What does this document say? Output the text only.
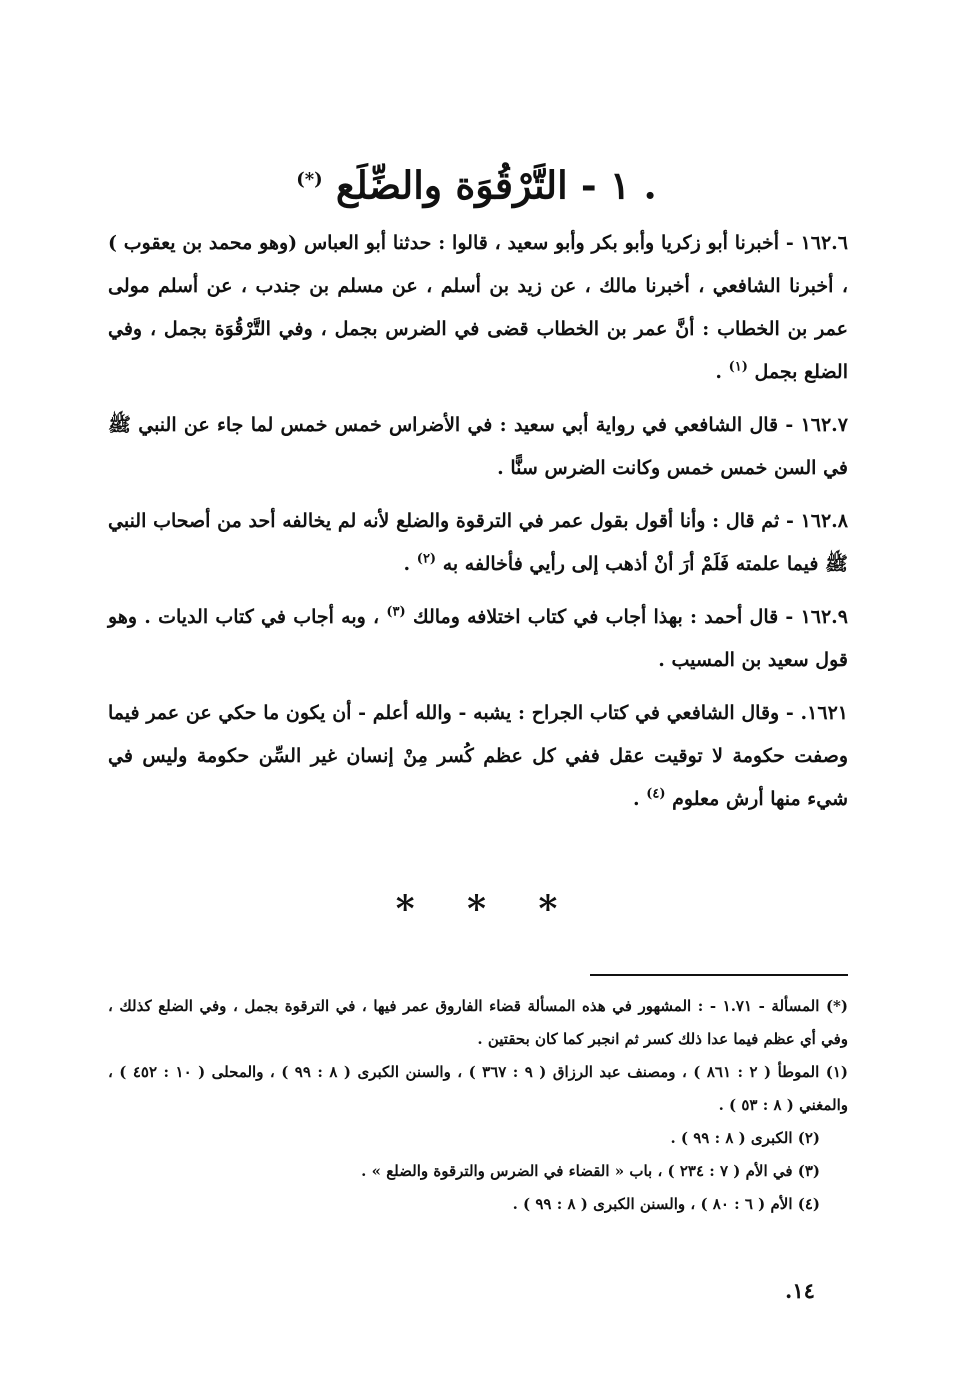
. ١ - التَّرْقُوَة والضِّلَع (*)

١٦٢.٦ - أخبرنا أبو زكريا وأبو بكر وأبو سعيد ، قالوا : حدثنا أبو العباس (وهو محمد بن يعقوب ) ، أخبرنا الشافعي ، أخبرنا مالك ، عن زيد بن أسلم ، عن مسلم بن جندب ، عن أسلم مولى عمر بن الخطاب : أنَّ عمر بن الخطاب قضى في الضرس بجمل ، وفي التَّرْقُوَة بجمل ، وفي الضلع بجمل $^{(١)}$ .

١٦٢.٧ - قال الشافعي في رواية أبي سعيد : في الأضراس خمس خمس لما جاء عن النبي ﷺ في السن خمس خمس وكانت الضرس سنًّا .

١٦٢.٨ - ثم قال : وأنا أقول بقول عمر في الترقوة والضلع لأنه لم يخالفه أحد من أصحاب النبي ﷺ فيما علمته فَلَمْ أرَ أنْ أذهب إلى رأيي فأخالفه به $^{(٢)}$ .

١٦٢.٩ - قال أحمد : بهذا أجاب في كتاب اختلافه ومالك $^{(٣)}$ ، وبه أجاب في كتاب الديات . وهو قول سعيد بن المسيب .

١٦٢١. - وقال الشافعي في كتاب الجراح : يشبه - والله أعلم - أن يكون ما حكي عن عمر فيما وصفت حكومة لا توقيت عقل ففي كل عظم كُسر مِنْ إنسان غير السِّن حكومة وليس في شيء منها أرش معلوم $^{(٤)}$ .

* * *

(*) المسألة - ١.٧١ - : المشهور في هذه المسألة قضاء الفاروق عمر فيها ، في الترقوة بجمل ، وفي الضلع كذلك ، وفي أي عظم فيما عدا ذلك كسر ثم انجبر كما كان بحقتين .

(١) الموطأ ( ٢ : ٨٦١ ) ، ومصنف عبد الرزاق ( ٩ : ٣٦٧ ) ، والسنن الكبرى ( ٨ : ٩٩ ) ، والمحلى ( ١٠ : ٤٥٢ ) ، والمغني ( ٨ : ٥٣ ) .

(٢) الكبرى ( ٨ : ٩٩ ) .

(٣) في الأم ( ٧ : ٢٣٤ ) ، باب « القضاء في الضرس والترقوة والضلع » .

(٤) الأم ( ٦ : ٨٠ ) ، والسنن الكبرى ( ٨ : ٩٩ ) .

١٤.
